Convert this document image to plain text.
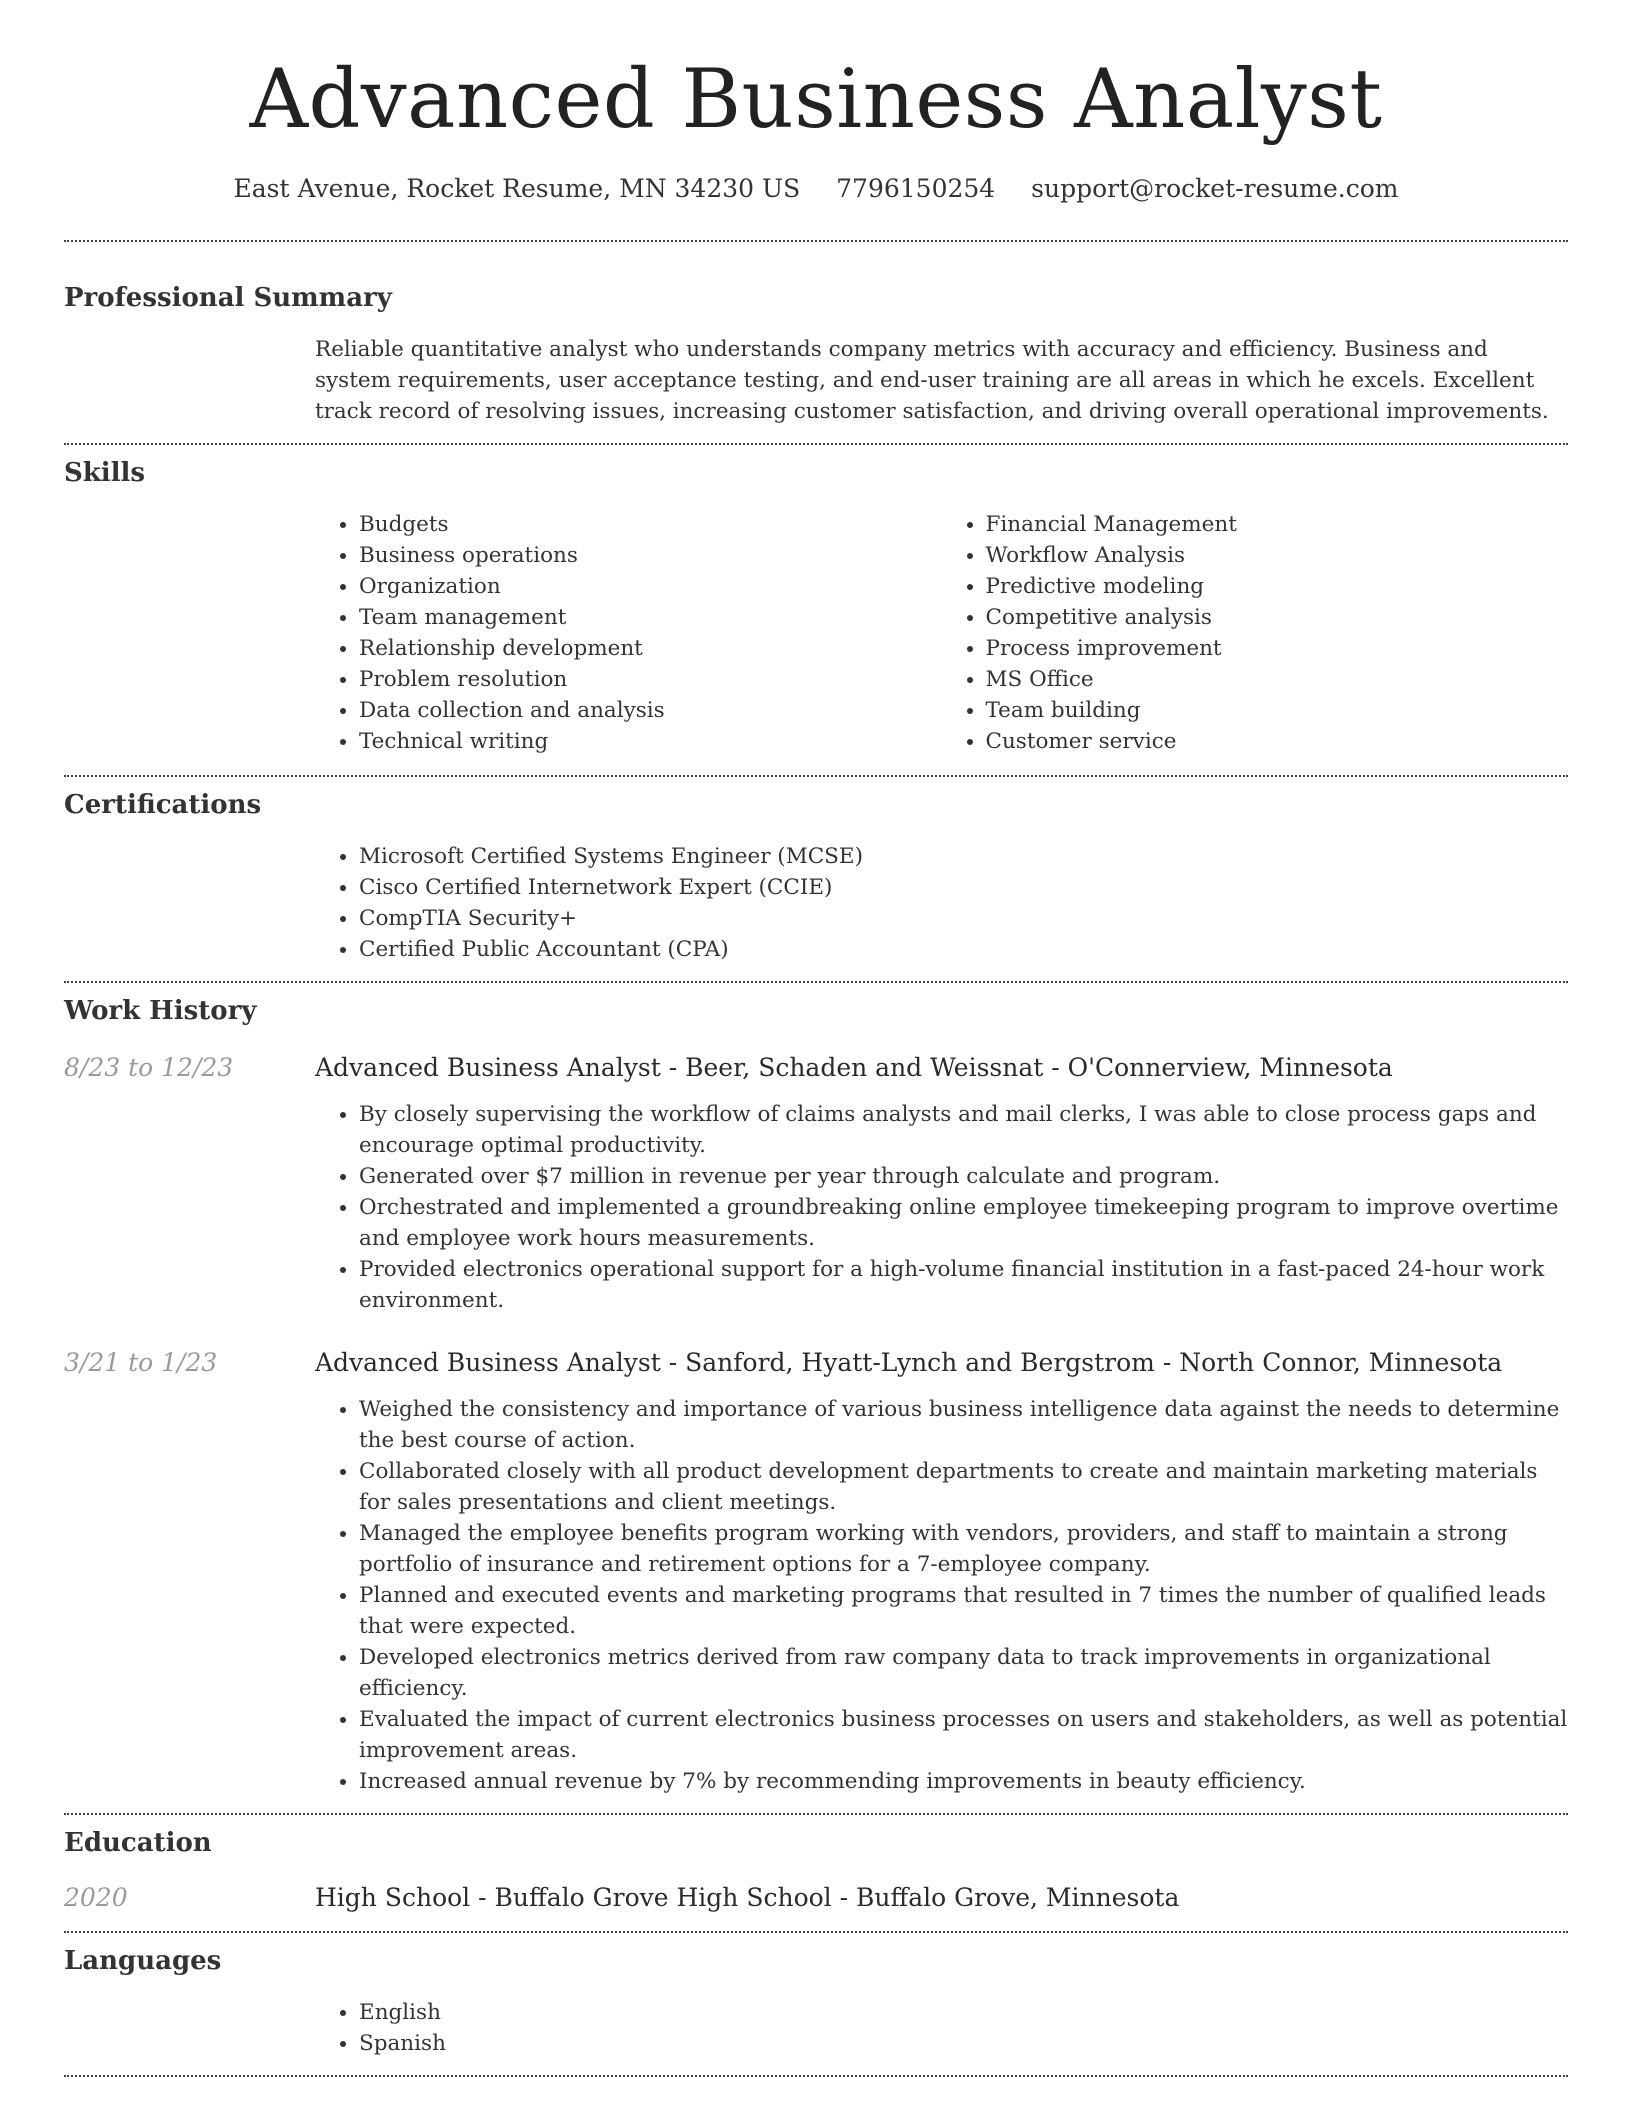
Advanced Business Analyst
East Avenue, Rocket Resume, MN 34230 US 7796150254 support@rocket-resume.com
Professional Summary

Reliable quantitative analyst who understands company metrics with accuracy and efficiency. Business and system requirements, user acceptance testing, and end-user training are all areas in which he excels. Excellent track record of resolving issues, increasing customer satisfaction, and driving overall operational improvements.

Skills
• Budgets
• Business operations
• Organization
• Team management
• Relationship development
• Problem resolution
• Data collection and analysis
• Technical writing
• Financial Management
• Workflow Analysis
• Predictive modeling
• Competitive analysis
• Process improvement
• MS Office
• Team building
• Customer service
Certifications
• Microsoft Certified Systems Engineer (MCSE)
• Cisco Certified Internetwork Expert (CCIE)
• CompTIA Security+
• Certified Public Accountant (CPA)
Work History
8/23 to 12/23	Advanced Business Analyst - Beer, Schaden and Weissnat - O'Connerview, Minnesota
• By closely supervising the workflow of claims analysts and mail clerks, I was able to close process gaps and encourage optimal productivity.
• Generated over $7 million in revenue per year through calculate and program.
• Orchestrated and implemented a groundbreaking online employee timekeeping program to improve overtime and employee work hours measurements.
• Provided electronics operational support for a high-volume financial institution in a fast-paced 24-hour work environment.
3/21 to 1/23	Advanced Business Analyst - Sanford, Hyatt-Lynch and Bergstrom - North Connor, Minnesota
• Weighed the consistency and importance of various business intelligence data against the needs to determine the best course of action.
• Collaborated closely with all product development departments to create and maintain marketing materials for sales presentations and client meetings.
• Managed the employee benefits program working with vendors, providers, and staff to maintain a strong portfolio of insurance and retirement options for a 7-employee company.
• Planned and executed events and marketing programs that resulted in 7 times the number of qualified leads that were expected.
• Developed electronics metrics derived from raw company data to track improvements in organizational efficiency.
• Evaluated the impact of current electronics business processes on users and stakeholders, as well as potential improvement areas.
• Increased annual revenue by 7% by recommending improvements in beauty efficiency.
Education
2020	High School - Buffalo Grove High School - Buffalo Grove, Minnesota
Languages
• English
• Spanish
